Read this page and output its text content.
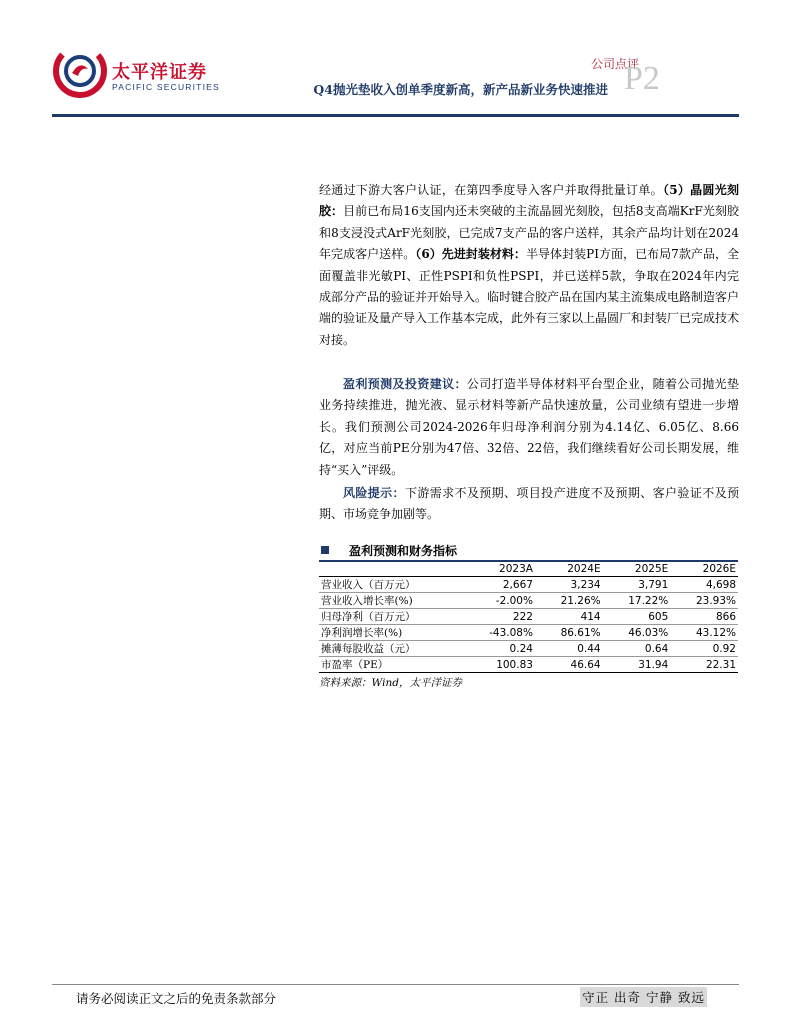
太平洋证券
PACIFIC SECURITIES
公司点评
Q4抛光垫收入创单季度新高，新产品新业务快速推进 P2
经通过下游大客户认证，在第四季度导入客户并取得批量订单。（5）晶圆光刻胶：目前已布局16支国内还未突破的主流晶圆光刻胶，包括8支高端KrF光刻胶和8支浸没式ArF光刻胶，已完成7支产品的客户送样，其余产品均计划在2024年完成客户送样。（6）先进封装材料：半导体封装PI方面，已布局7款产品，全面覆盖非光敏PI、正性PSPI和负性PSPI，并已送样5款，争取在2024年内完成部分产品的验证并开始导入。临时键合胶产品在国内某主流集成电路制造客户端的验证及量产导入工作基本完成，此外有三家以上晶圆厂和封装厂已完成技术对接。
盈利预测及投资建议：公司打造半导体材料平台型企业，随着公司抛光垫业务持续推进，抛光液、显示材料等新产品快速放量，公司业绩有望进一步增长。我们预测公司2024-2026年归母净利润分别为4.14亿、6.05亿、8.66亿，对应当前PE分别为47倍、32倍、22倍，我们继续看好公司长期发展，维持“买入”评级。
风险提示：下游需求不及预期、项目投产进度不及预期、客户验证不及预期、市场竞争加剧等。
盈利预测和财务指标
	2023A	2024E	2025E	2026E
营业收入（百万元）	2,667	3,234	3,791	4,698
营业收入增长率(%)	-2.00%	21.26%	17.22%	23.93%
归母净利（百万元）	222	414	605	866
净利润增长率(%)	-43.08%	86.61%	46.03%	43.12%
摊薄每股收益（元）	0.24	0.44	0.64	0.92
市盈率（PE）	100.83	46.64	31.94	22.31
资料来源：Wind，太平洋证券
请务必阅读正文之后的免责条款部分	守正 出奇 宁静 致远
